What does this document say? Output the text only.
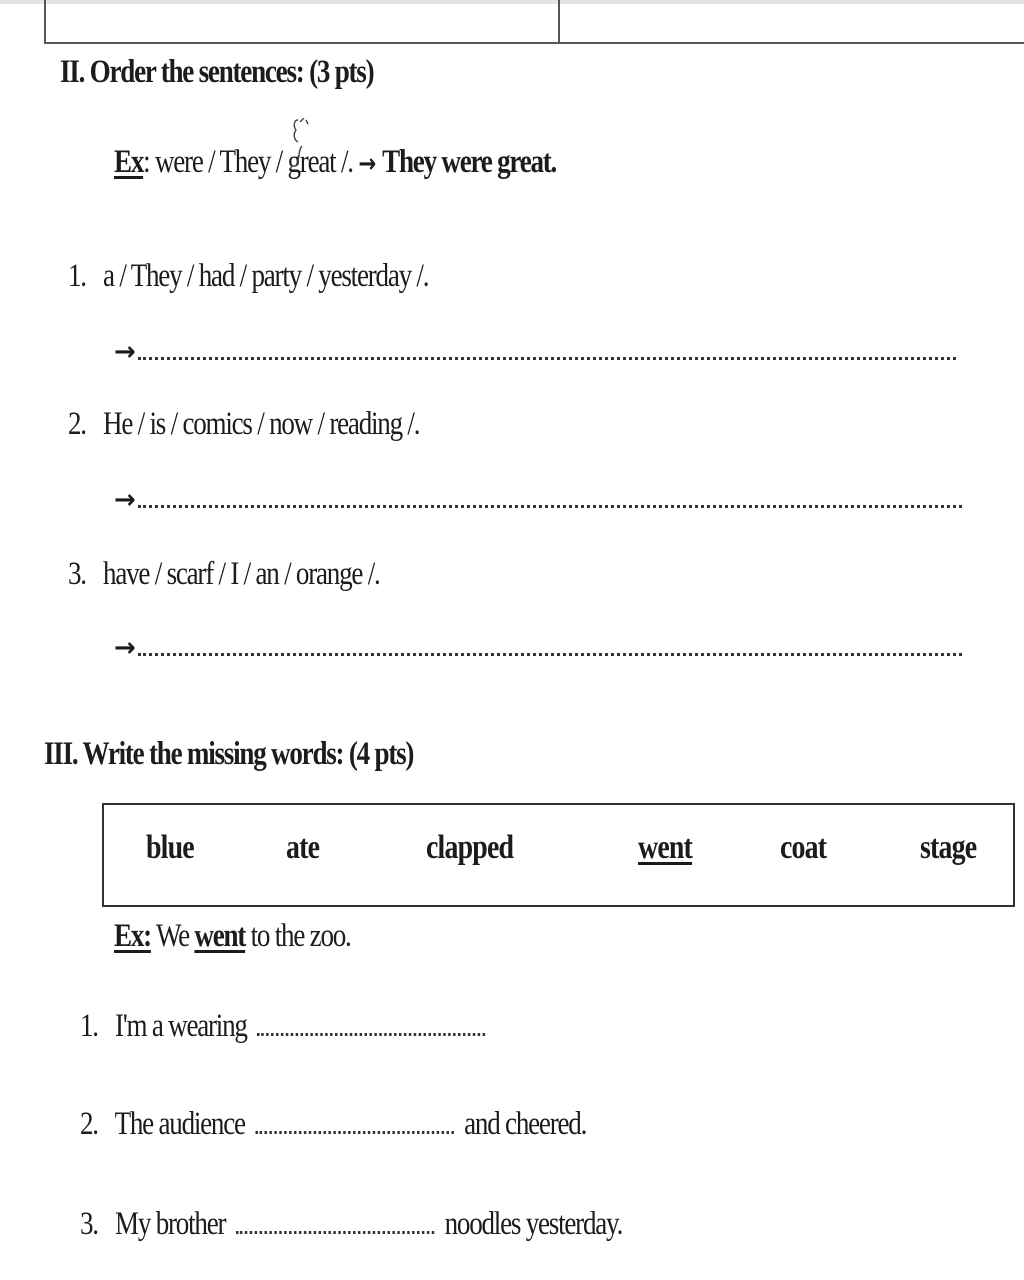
II. Order the sentences: (3 pts)
Ex: were / They / great /. → They were great.
1. a / They / had / party / yesterday /.
→
2. He / is / comics / now / reading /.
→
3. have / scarf / I / an / orange /.
→
III. Write the missing words: (4 pts)
blue	ate	clapped	went	coat	stage
Ex: We went to the zoo.
1. I'm a wearing
2. The audience	and cheered.
3. My brother	noodles yesterday.
